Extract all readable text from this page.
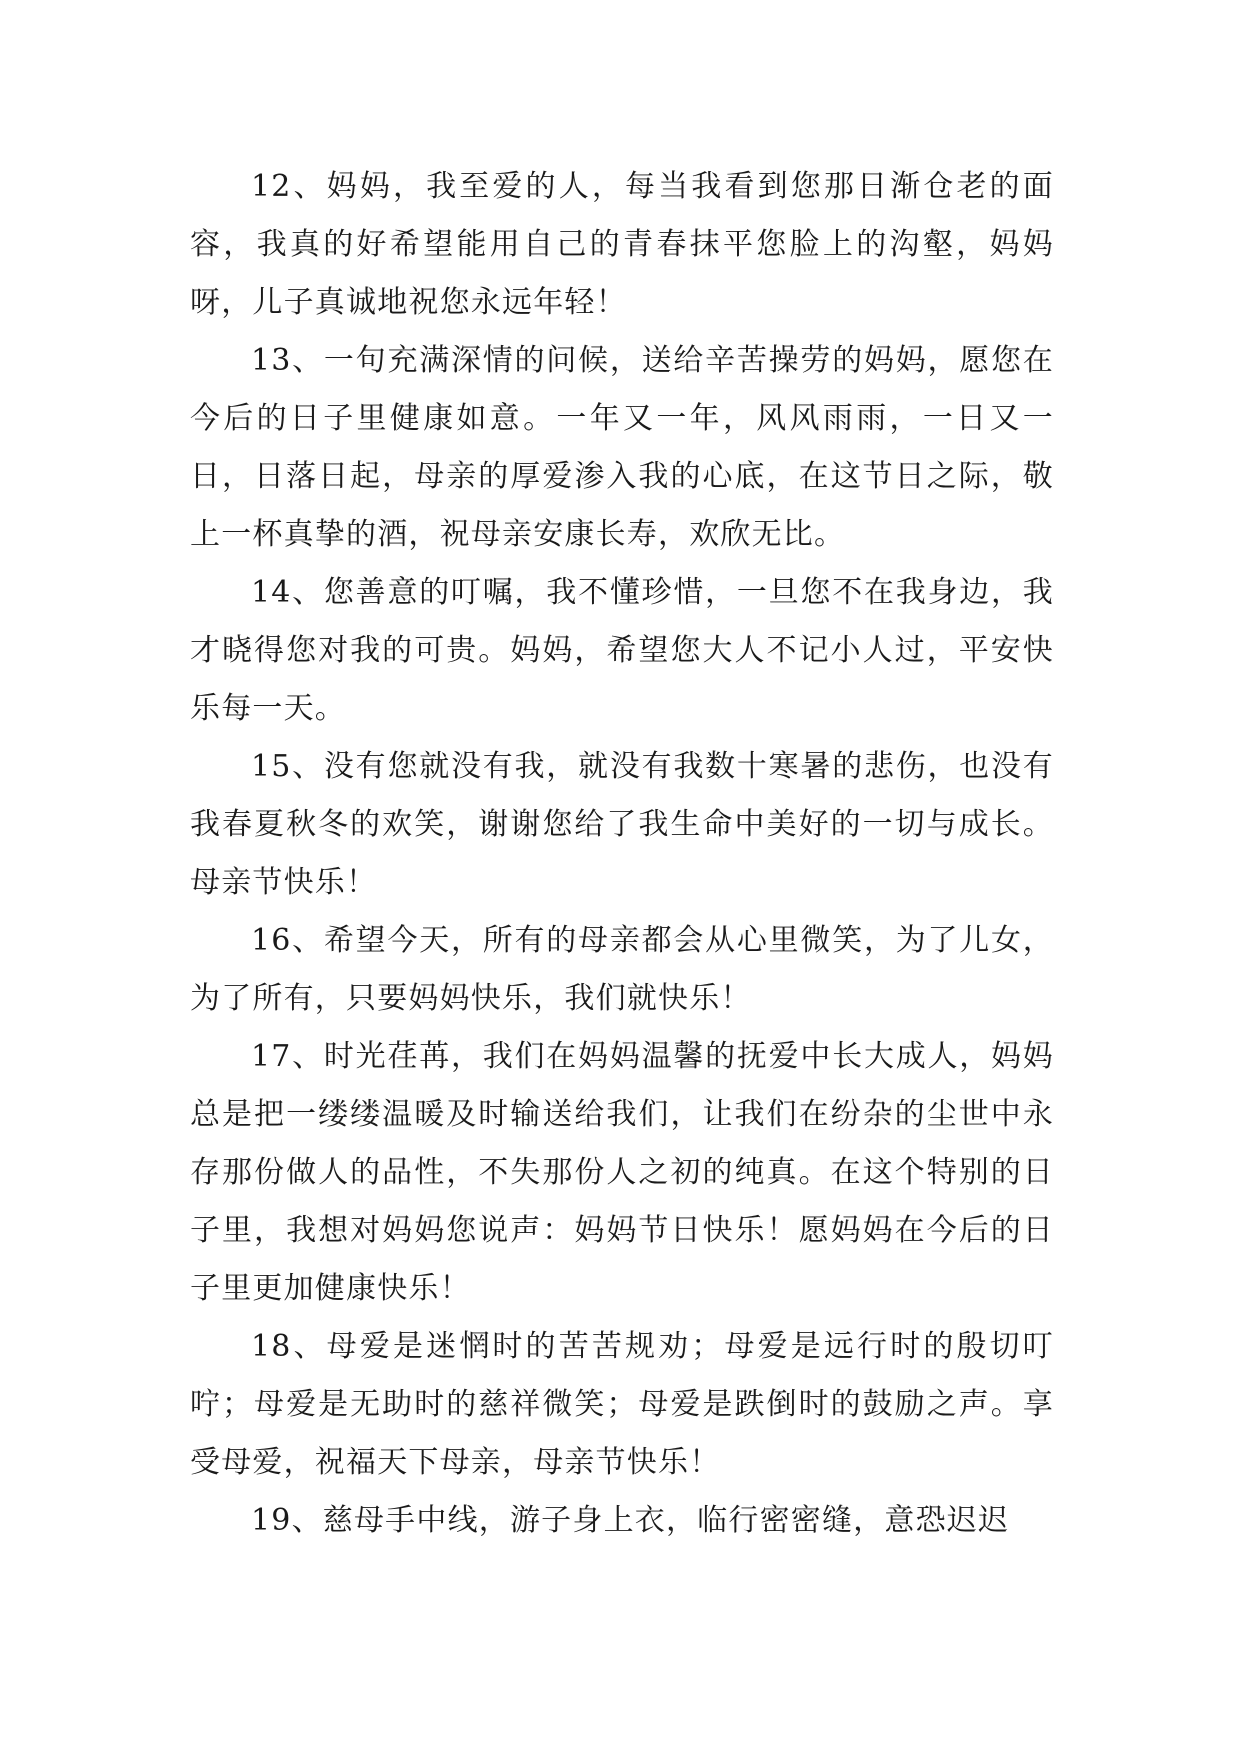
12、妈妈，我至爱的人，每当我看到您那日渐仓老的面容，我真的好希望能用自己的青春抹平您脸上的沟壑，妈妈呀，儿子真诚地祝您永远年轻！

13、一句充满深情的问候，送给辛苦操劳的妈妈，愿您在今后的日子里健康如意。一年又一年，风风雨雨，一日又一日，日落日起，母亲的厚爱渗入我的心底，在这节日之际，敬上一杯真挚的酒，祝母亲安康长寿，欢欣无比。

14、您善意的叮嘱，我不懂珍惜，一旦您不在我身边，我才晓得您对我的可贵。妈妈，希望您大人不记小人过，平安快乐每一天。

15、没有您就没有我，就没有我数十寒暑的悲伤，也没有我春夏秋冬的欢笑，谢谢您给了我生命中美好的一切与成长。母亲节快乐！

16、希望今天，所有的母亲都会从心里微笑，为了儿女，为了所有，只要妈妈快乐，我们就快乐！

17、时光荏苒，我们在妈妈温馨的抚爱中长大成人，妈妈总是把一缕缕温暖及时输送给我们，让我们在纷杂的尘世中永存那份做人的品性，不失那份人之初的纯真。在这个特别的日子里，我想对妈妈您说声：妈妈节日快乐！愿妈妈在今后的日子里更加健康快乐！

18、母爱是迷惘时的苦苦规劝；母爱是远行时的殷切叮咛；母爱是无助时的慈祥微笑；母爱是跌倒时的鼓励之声。享受母爱，祝福天下母亲，母亲节快乐！

19、慈母手中线，游子身上衣，临行密密缝，意恐迟迟
